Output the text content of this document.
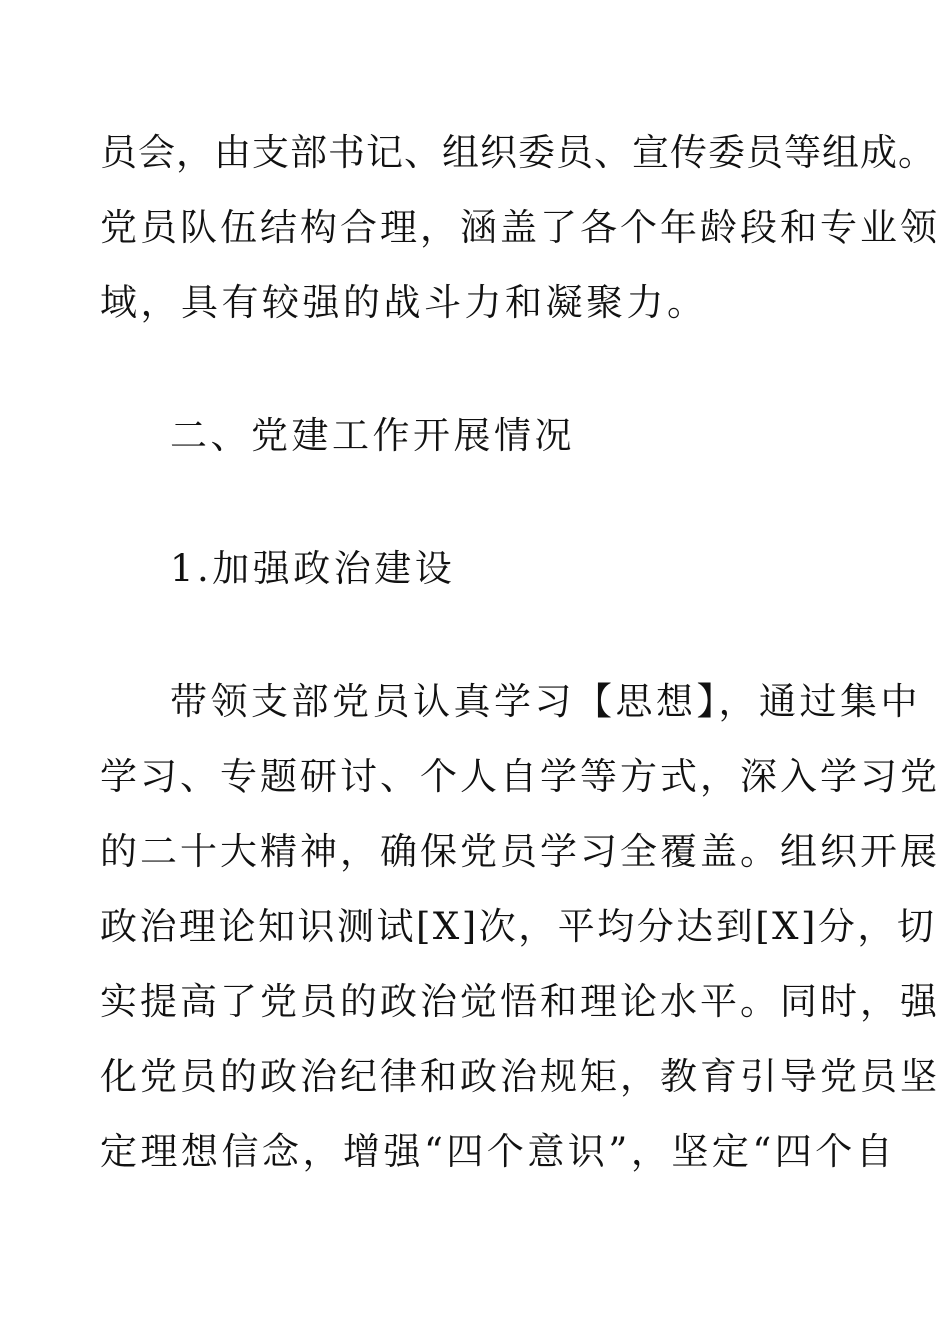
员会，由支部书记、组织委员、宣传委员等组成。
党员队伍结构合理，涵盖了各个年龄段和专业领
域，具有较强的战斗力和凝聚力。
二、党建工作开展情况
1.加强政治建设
带领支部党员认真学习【思想】，通过集中
学习、专题研讨、个人自学等方式，深入学习党
的二十大精神，确保党员学习全覆盖。组织开展
政治理论知识测试[X]次，平均分达到[X]分，切
实提高了党员的政治觉悟和理论水平。同时，强
化党员的政治纪律和政治规矩，教育引导党员坚
定理想信念，增强“四个意识”，坚定“四个自
